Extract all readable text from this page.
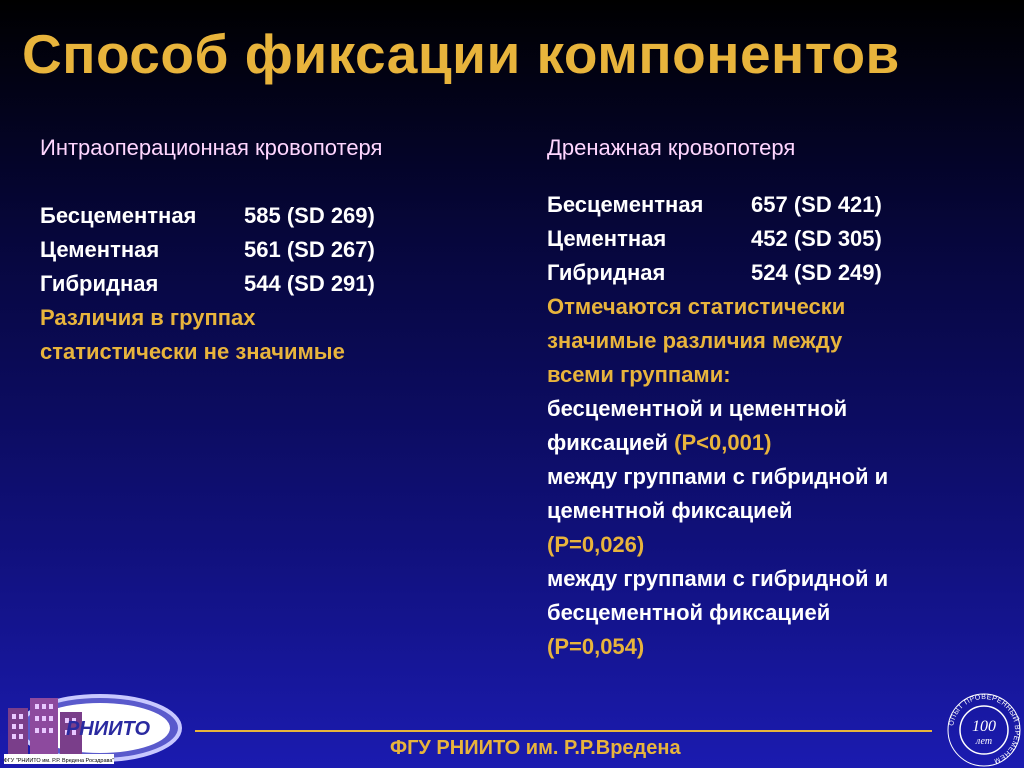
Способ фиксации компонентов
Интраоперационная кровопотеря
Бесцементная	585 (SD 269)
Цементная	561 (SD 267)
Гибридная	544 (SD 291)
Различия в группах
статистически не значимые
Дренажная кровопотеря
Бесцементная	657 (SD 421)
Цементная	452 (SD 305)
Гибридная	524 (SD 249)
Отмечаются статистически
значимые различия между
всеми группами:
бесцементной и цементной
фиксацией (P<0,001)
между группами с гибридной и
цементной фиксацией
(P=0,026)
между группами с гибридной и
бесцементной фиксацией
(P=0,054)
РНИИТО
ФГУ "РНИИТО им. Р.Р. Вредена Росздрава"
ФГУ РНИИТО им. Р.Р.Вредена
ОПЫТ ПРОВЕРЕННЫЙ ВРЕМЕНЕМ
100
лет
